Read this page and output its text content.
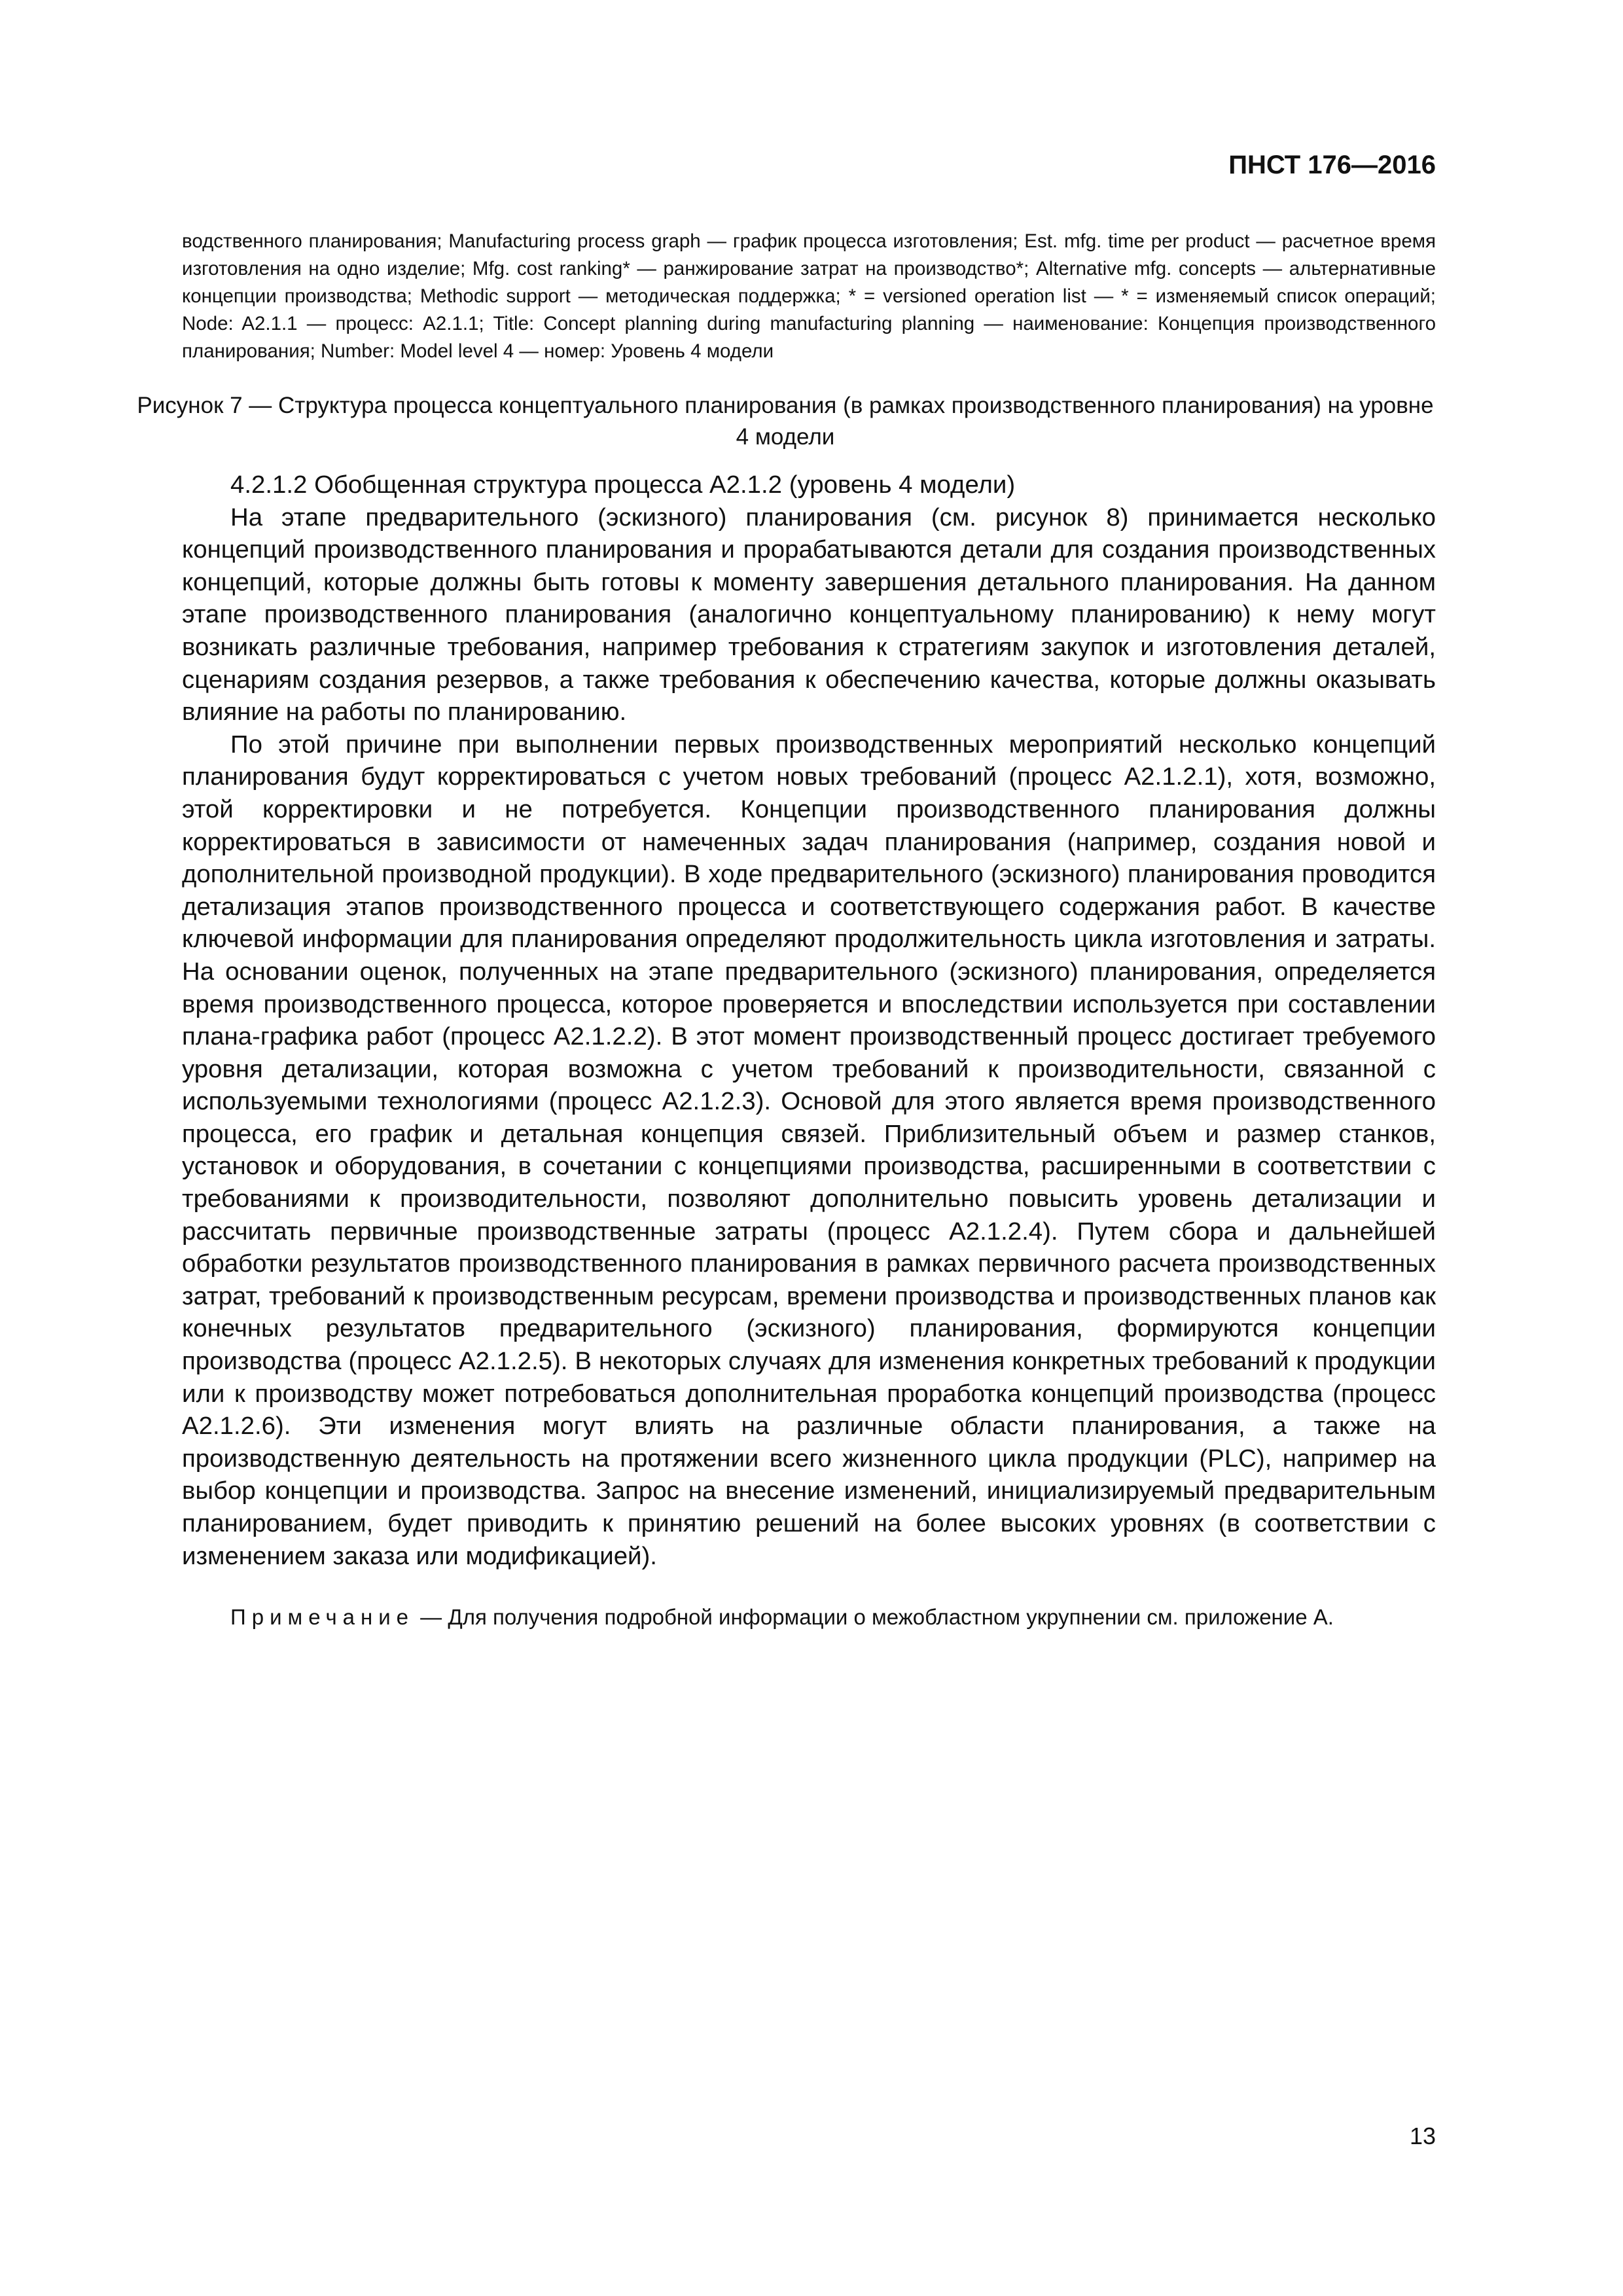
ПНСТ 176—2016

водственного планирования; Manufacturing process graph — график процесса изготовления; Est. mfg. time per product — расчетное время изготовления на одно изделие; Mfg. cost ranking* — ранжирование затрат на производство*; Alternative mfg. concepts — альтернативные концепции производства; Methodic support — методическая поддержка; * = versioned operation list — * = изменяемый список операций; Node: A2.1.1 — процесс: A2.1.1; Title: Concept planning during manufacturing planning — наименование: Концепция производственного планирования; Number: Model level 4 — номер: Уровень 4 модели

Рисунок 7 — Структура процесса концептуального планирования (в рамках производственного планирования) на уровне 4 модели

4.2.1.2 Обобщенная структура процесса А2.1.2 (уровень 4 модели)

На этапе предварительного (эскизного) планирования (см. рисунок 8) принимается несколько концепций производственного планирования и прорабатываются детали для создания производственных концепций, которые должны быть готовы к моменту завершения детального планирования. На данном этапе производственного планирования (аналогично концептуальному планированию) к нему могут возникать различные требования, например требования к стратегиям закупок и изготовления деталей, сценариям создания резервов, а также требования к обеспечению качества, которые должны оказывать влияние на работы по планированию.

По этой причине при выполнении первых производственных мероприятий несколько концепций планирования будут корректироваться с учетом новых требований (процесс А2.1.2.1), хотя, возможно, этой корректировки и не потребуется. Концепции производственного планирования должны корректироваться в зависимости от намеченных задач планирования (например, создания новой и дополнительной производной продукции). В ходе предварительного (эскизного) планирования проводится детализация этапов производственного процесса и соответствующего содержания работ. В качестве ключевой информации для планирования определяют продолжительность цикла изготовления и затраты. На основании оценок, полученных на этапе предварительного (эскизного) планирования, определяется время производственного процесса, которое проверяется и впоследствии используется при составлении плана-графика работ (процесс А2.1.2.2). В этот момент производственный процесс достигает требуемого уровня детализации, которая возможна с учетом требований к производительности, связанной с используемыми технологиями (процесс А2.1.2.3). Основой для этого является время производственного процесса, его график и детальная концепция связей. Приблизительный объем и размер станков, установок и оборудования, в сочетании с концепциями производства, расширенными в соответствии с требованиями к производительности, позволяют дополнительно повысить уровень детализации и рассчитать первичные производственные затраты (процесс А2.1.2.4). Путем сбора и дальнейшей обработки результатов производственного планирования в рамках первичного расчета производственных затрат, требований к производственным ресурсам, времени производства и производственных планов как конечных результатов предварительного (эскизного) планирования, формируются концепции производства (процесс А2.1.2.5). В некоторых случаях для изменения конкретных требований к продукции или к производству может потребоваться дополнительная проработка концепций производства (процесс А2.1.2.6). Эти изменения могут влиять на различные области планирования, а также на производственную деятельность на протяжении всего жизненного цикла продукции (PLC), например на выбор концепции и производства. Запрос на внесение изменений, инициализируемый предварительным планированием, будет приводить к принятию решений на более высоких уровнях (в соответствии с изменением заказа или модификацией).

Примечание — Для получения подробной информации о межобластном укрупнении см. приложение А.

13
